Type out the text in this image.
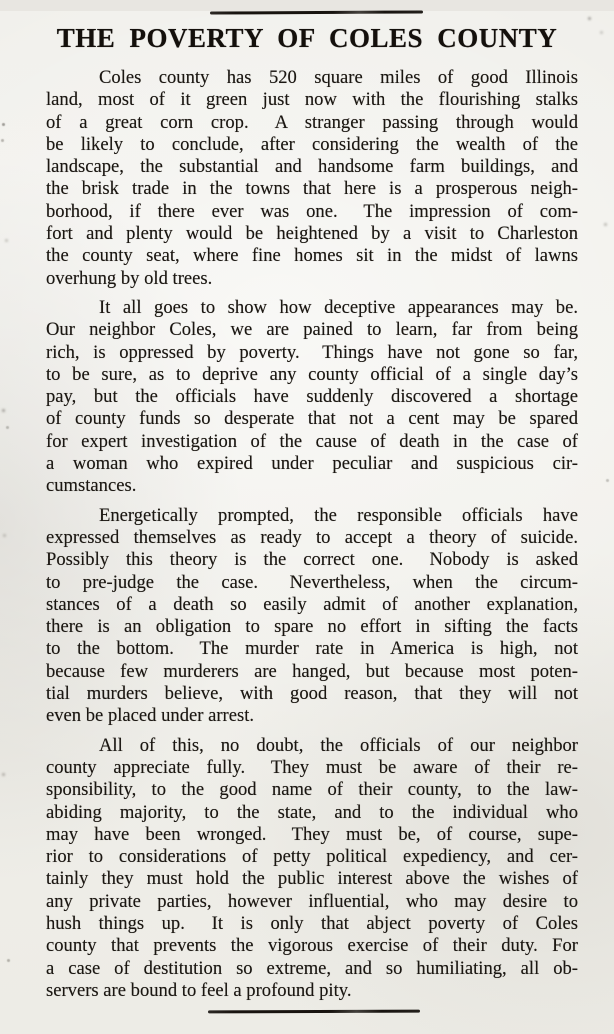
THE POVERTY OF COLES COUNTY

Coles county has 520 square miles of good Illinois
land, most of it green just now with the flourishing stalks
of a great corn crop.  A stranger passing through would
be likely to conclude, after considering the wealth of the
landscape, the substantial and handsome farm buildings, and
the brisk trade in the towns that here is a prosperous neigh-
borhood, if there ever was one.  The impression of com-
fort and plenty would be heightened by a visit to Charleston
the county seat, where fine homes sit in the midst of lawns
overhung by old trees.

It all goes to show how deceptive appearances may be.
Our neighbor Coles, we are pained to learn, far from being
rich, is oppressed by poverty.  Things have not gone so far,
to be sure, as to deprive any county official of a single day’s
pay, but the officials have suddenly discovered a shortage
of county funds so desperate that not a cent may be spared
for expert investigation of the cause of death in the case of
a woman who expired under peculiar and suspicious cir-
cumstances.

Energetically prompted, the responsible officials have
expressed themselves as ready to accept a theory of suicide.
Possibly this theory is the correct one.  Nobody is asked
to pre-judge the case.  Nevertheless, when the circum-
stances of a death so easily admit of another explanation,
there is an obligation to spare no effort in sifting the facts
to the bottom.  The murder rate in America is high, not
because few murderers are hanged, but because most poten-
tial murders believe, with good reason, that they will not
even be placed under arrest.

All of this, no doubt, the officials of our neighbor
county appreciate fully.  They must be aware of their re-
sponsibility, to the good name of their county, to the law-
abiding majority, to the state, and to the individual who
may have been wronged.  They must be, of course, supe-
rior to considerations of petty political expediency, and cer-
tainly they must hold the public interest above the wishes of
any private parties, however influential, who may desire to
hush things up.  It is only that abject poverty of Coles
county that prevents the vigorous exercise of their duty. For
a case of destitution so extreme, and so humiliating, all ob-
servers are bound to feel a profound pity.
